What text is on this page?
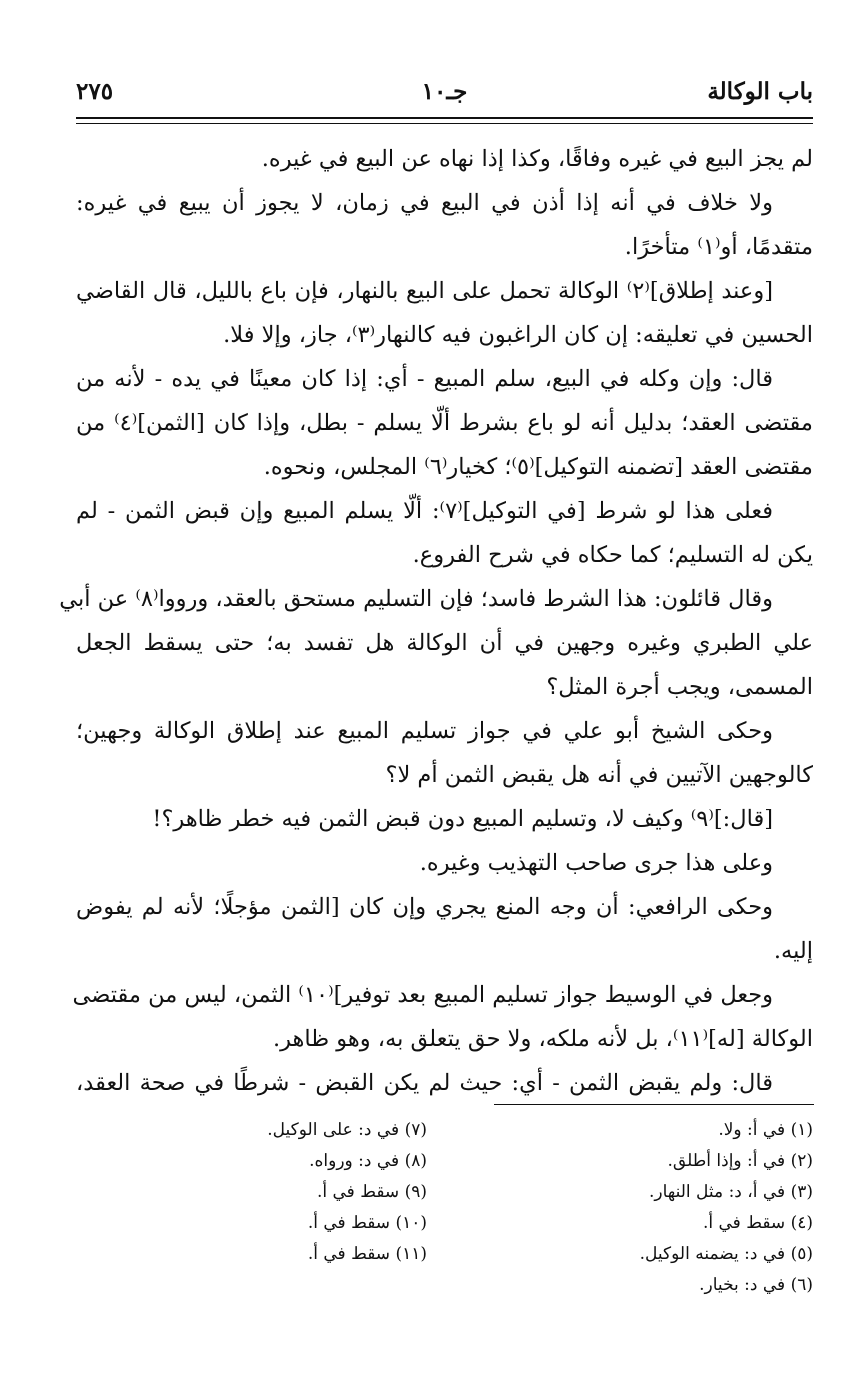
باب الوكالة
جـ١٠
٢٧٥
لم يجز البيع في غيره وفاقًا، وكذا إذا نهاه عن البيع في غيره.
ولا خلاف في أنه إذا أذن في البيع في زمان، لا يجوز أن يبيع في غيره:
متقدمًا، أو⁽١⁾ متأخرًا.
[وعند إطلاق]⁽٢⁾ الوكالة تحمل على البيع بالنهار، فإن باع بالليل، قال القاضي
الحسين في تعليقه: إن كان الراغبون فيه كالنهار⁽٣⁾، جاز، وإلا فلا.
قال: وإن وكله في البيع، سلم المبيع - أي: إذا كان معينًا في يده - لأنه من
مقتضى العقد؛ بدليل أنه لو باع بشرط ألّا يسلم - بطل، وإذا كان [الثمن]⁽٤⁾ من
مقتضى العقد [تضمنه التوكيل]⁽٥⁾؛ كخيار⁽٦⁾ المجلس، ونحوه.
فعلى هذا لو شرط [في التوكيل]⁽٧⁾: ألّا يسلم المبيع وإن قبض الثمن - لم
يكن له التسليم؛ كما حكاه في شرح الفروع.
وقال قائلون: هذا الشرط فاسد؛ فإن التسليم مستحق بالعقد، ورووا⁽٨⁾ عن أبي
علي الطبري وغيره وجهين في أن الوكالة هل تفسد به؛ حتى يسقط الجعل
المسمى، ويجب أجرة المثل؟
وحكى الشيخ أبو علي في جواز تسليم المبيع عند إطلاق الوكالة وجهين؛
كالوجهين الآتيين في أنه هل يقبض الثمن أم لا؟
[قال:]⁽٩⁾ وكيف لا، وتسليم المبيع دون قبض الثمن فيه خطر ظاهر؟!
وعلى هذا جرى صاحب التهذيب وغيره.
وحكى الرافعي: أن وجه المنع يجري وإن كان [الثمن مؤجلًا؛ لأنه لم يفوض
إليه.
وجعل في الوسيط جواز تسليم المبيع بعد توفير]⁽١٠⁾ الثمن، ليس من مقتضى
الوكالة [له]⁽١١⁾، بل لأنه ملكه، ولا حق يتعلق به، وهو ظاهر.
قال: ولم يقبض الثمن - أي: حيث لم يكن القبض - شرطًا في صحة العقد،
(١) في أ: ولا.
(٢) في أ: وإذا أطلق.
(٣) في أ، د: مثل النهار.
(٤) سقط في أ.
(٥) في د: يضمنه الوكيل.
(٦) في د: بخيار.
(٧) في د: على الوكيل.
(٨) في د: ورواه.
(٩) سقط في أ.
(١٠) سقط في أ.
(١١) سقط في أ.
